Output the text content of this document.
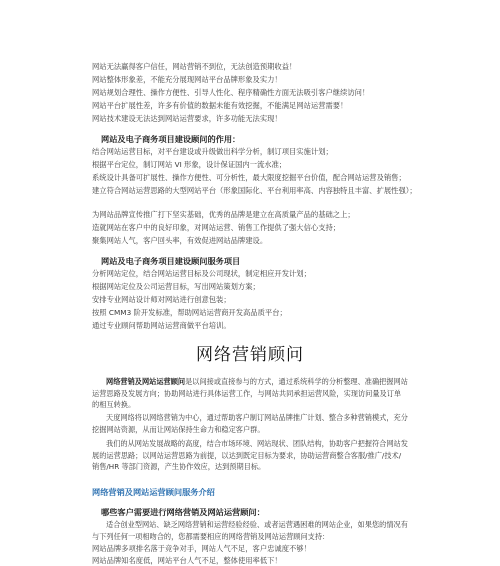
网站无法赢得客户信任，网站营销不到位，无法创造预期收益！
网站整体形象差，不能充分展现网站平台品牌形象及实力！
网站规划合理性、操作方便性、引导人性化、程序精确性方面无法吸引客户继续访问！
网站平台扩展性差，许多有价值的数据未能有效挖掘，不能满足网站运营需要！
网站技术建设无法达到网站运营要求，许多功能无法实现！
网站及电子商务项目建设顾问的作用：
结合网站运营目标，对平台建设或升级做出科学分析，制订项目实施计划；
根据平台定位，制订网站 VI 形象，设计保证国内一流水准；
系统设计具备可扩展性、操作方便性、可分析性，最大限度挖掘平台价值，配合网站运营及销售；
建立符合网站运营思路的大型网站平台（形象国际化、平台利用率高、内容独特且丰富、扩展性强）；
为网站品牌宣传推广打下坚实基础，优秀的品牌是建立在高质量产品的基础之上；
造就网站在客户中的良好印象，对网站运营、销售工作提供了强大信心支持；
聚集网站人气，客户回头率，有效促进网站品牌建设。
网站及电子商务项目建设顾问服务项目
分析网站定位，结合网站运营目标及公司现状，制定相应开发计划；
根据网站定位及公司运营目标，写出网站策划方案；
安排专业网站设计师对网站进行创意包装；
按照 CMM3 阶开发标准，帮助网站运营商开发高品质平台；
通过专业顾问帮助网站运营商做平台培训。
网络营销顾问
网络营销及网站运营顾问是以间接或直接参与的方式，通过系统科学的分析整理、准确把握网站运营思路及发展方向；协助网站进行具体运营工作，与网站共同承担运营风险，实现访问量及订单的相互转换。
天度网络将以网络营销为中心，通过帮助客户制订网站品牌推广计划、整合多种营销模式，充分挖掘网站资源，从而让网站保持生命力和稳定客户群。
我们的从网站发展战略的高度，结合市场环境、网站现状、团队结构，协助客户把握符合网站发展的运营思路；以网站运营思路为前提，以达到既定目标为要求，协助运营商整合客服/推广/技术/销售/HR 等部门资源，产生协作效应，达到预期目标。
网络营销及网站运营顾问服务介绍
哪些客户需要进行网络营销及网站运营顾问：
适合创业型网站、缺乏网络营销和运营经验经验、或者运营遇困难的网站企业，如果您的情况有与下列任何一项相吻合的，您都需要相应的网络营销及网站运营顾问支持：
网站品牌多项排名落于竞争对手，网站人气不足，客户忠诚度不够！
网站品牌知名度低，网站平台人气不足，整体使用率低下！
